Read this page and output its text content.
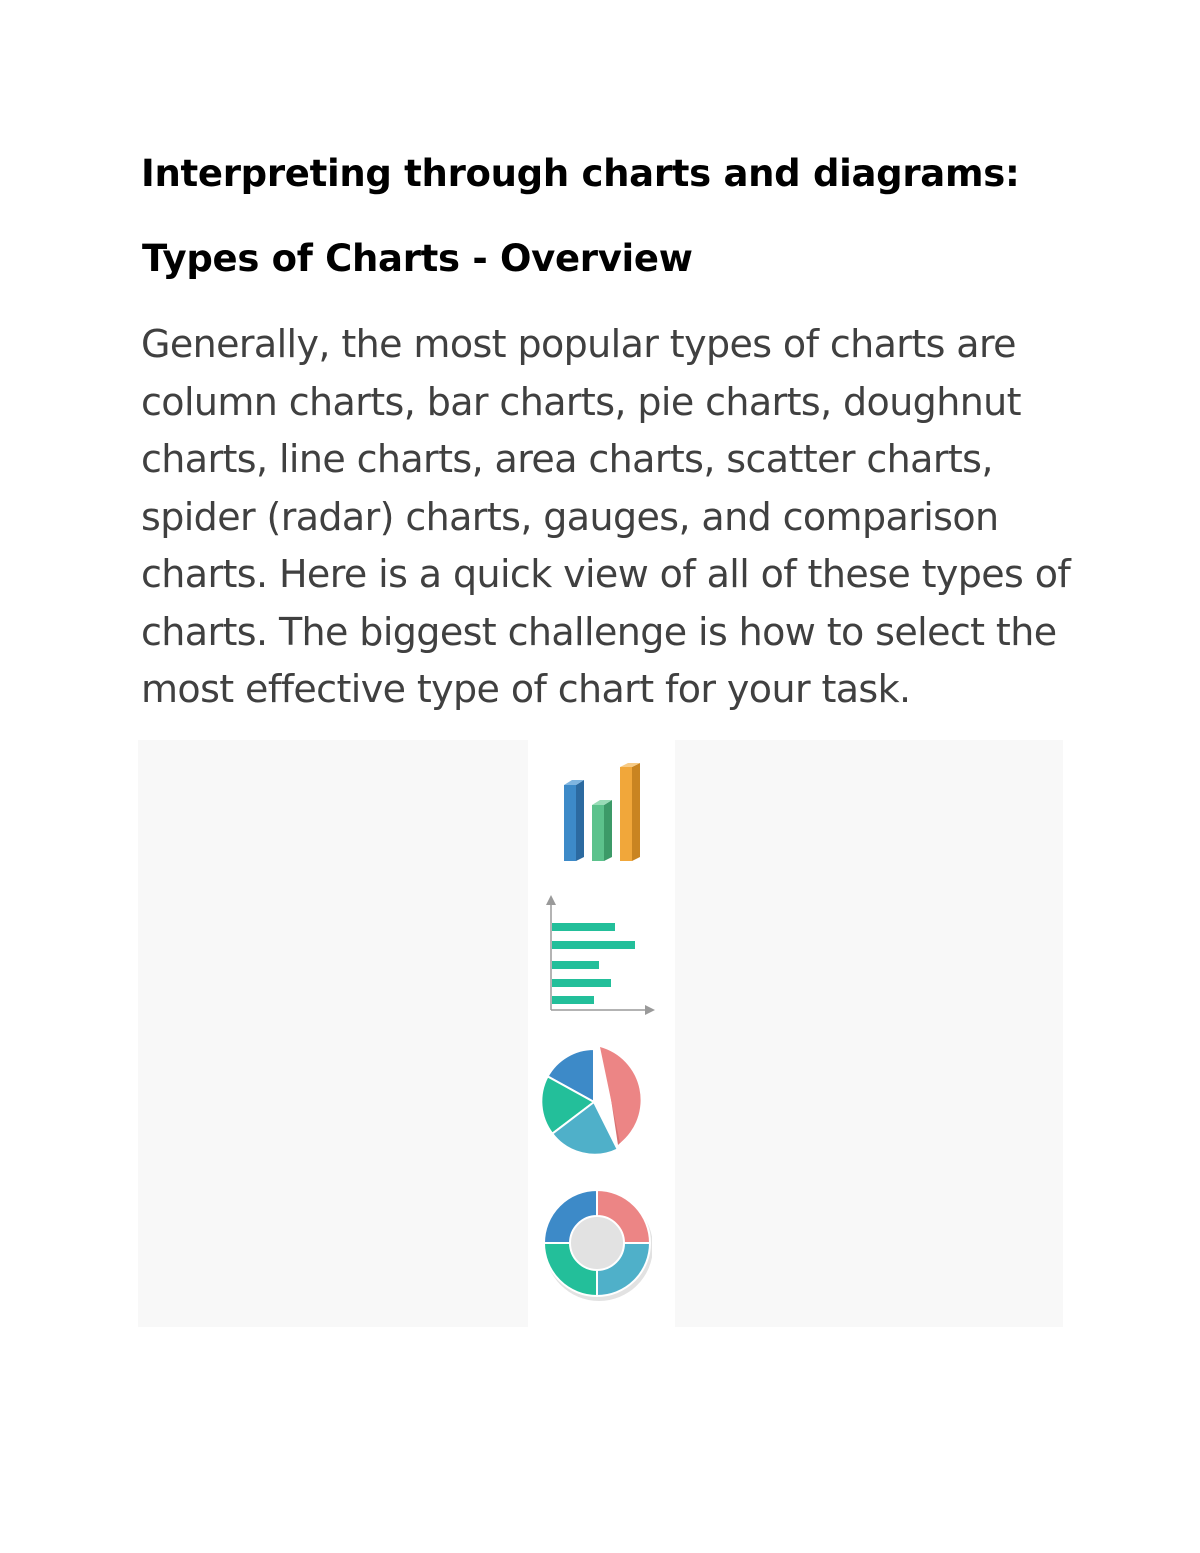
Interpreting through charts and diagrams:
Types of Charts - Overview

Generally, the most popular types of charts are column charts, bar charts, pie charts, doughnut charts, line charts, area charts, scatter charts, spider (radar) charts, gauges, and comparison charts. Here is a quick view of all of these types of charts. The biggest challenge is how to select the most effective type of chart for your task.
